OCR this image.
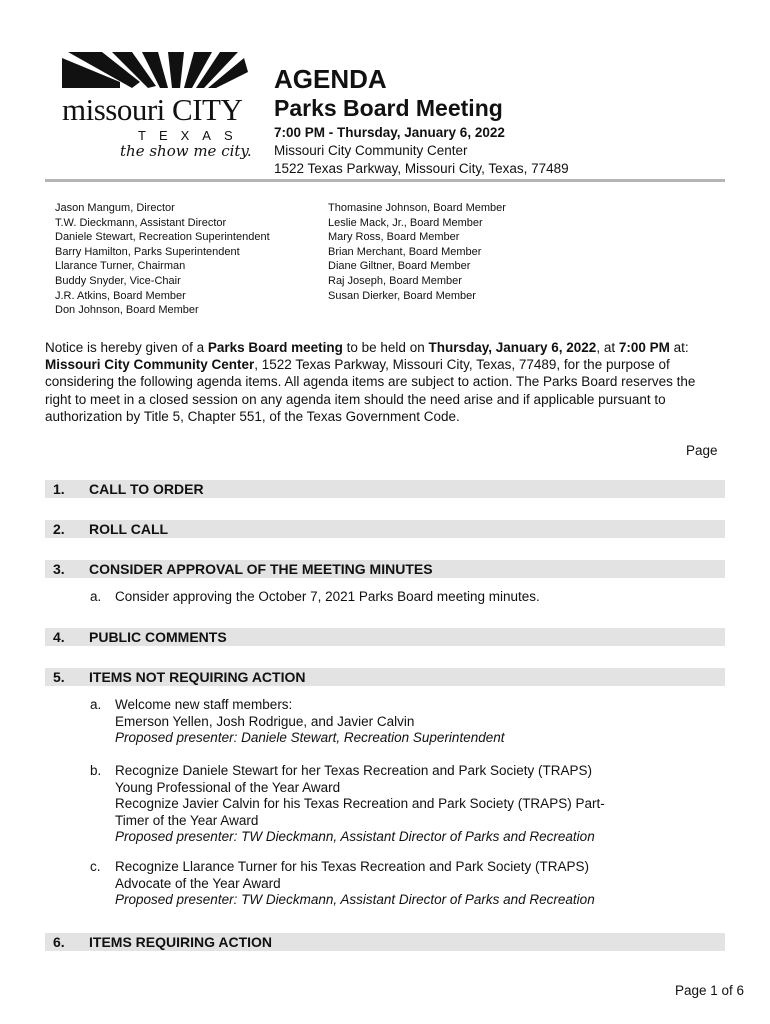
missouri CITY
TEXAS
the show me city.
AGENDA
Parks Board Meeting
7:00 PM - Thursday, January 6, 2022
Missouri City Community Center
1522 Texas Parkway, Missouri City, Texas, 77489
Jason Mangum, Director
T.W. Dieckmann, Assistant Director
Daniele Stewart, Recreation Superintendent
Barry Hamilton, Parks Superintendent
Llarance Turner, Chairman
Buddy Snyder, Vice-Chair
J.R. Atkins, Board Member
Don Johnson, Board Member
Thomasine Johnson, Board Member
Leslie Mack, Jr., Board Member
Mary Ross, Board Member
Brian Merchant, Board Member
Diane Giltner, Board Member
Raj Joseph, Board Member
Susan Dierker, Board Member
Notice is hereby given of a Parks Board meeting to be held on Thursday, January 6, 2022, at 7:00 PM at: Missouri City Community Center, 1522 Texas Parkway, Missouri City, Texas, 77489, for the purpose of considering the following agenda items. All agenda items are subject to action. The Parks Board reserves the right to meet in a closed session on any agenda item should the need arise and if applicable pursuant to authorization by Title 5, Chapter 551, of the Texas Government Code.
Page
1. CALL TO ORDER
2. ROLL CALL
3. CONSIDER APPROVAL OF THE MEETING MINUTES
a. Consider approving the October 7, 2021 Parks Board meeting minutes.
4. PUBLIC COMMENTS
5. ITEMS NOT REQUIRING ACTION
a. Welcome new staff members:
Emerson Yellen, Josh Rodrigue, and Javier Calvin
Proposed presenter: Daniele Stewart, Recreation Superintendent
b. Recognize Daniele Stewart for her Texas Recreation and Park Society (TRAPS)
Young Professional of the Year Award
Recognize Javier Calvin for his Texas Recreation and Park Society (TRAPS) Part-
Timer of the Year Award
Proposed presenter: TW Dieckmann, Assistant Director of Parks and Recreation
c. Recognize Llarance Turner for his Texas Recreation and Park Society (TRAPS)
Advocate of the Year Award
Proposed presenter: TW Dieckmann, Assistant Director of Parks and Recreation
6. ITEMS REQUIRING ACTION
Page 1 of 6
